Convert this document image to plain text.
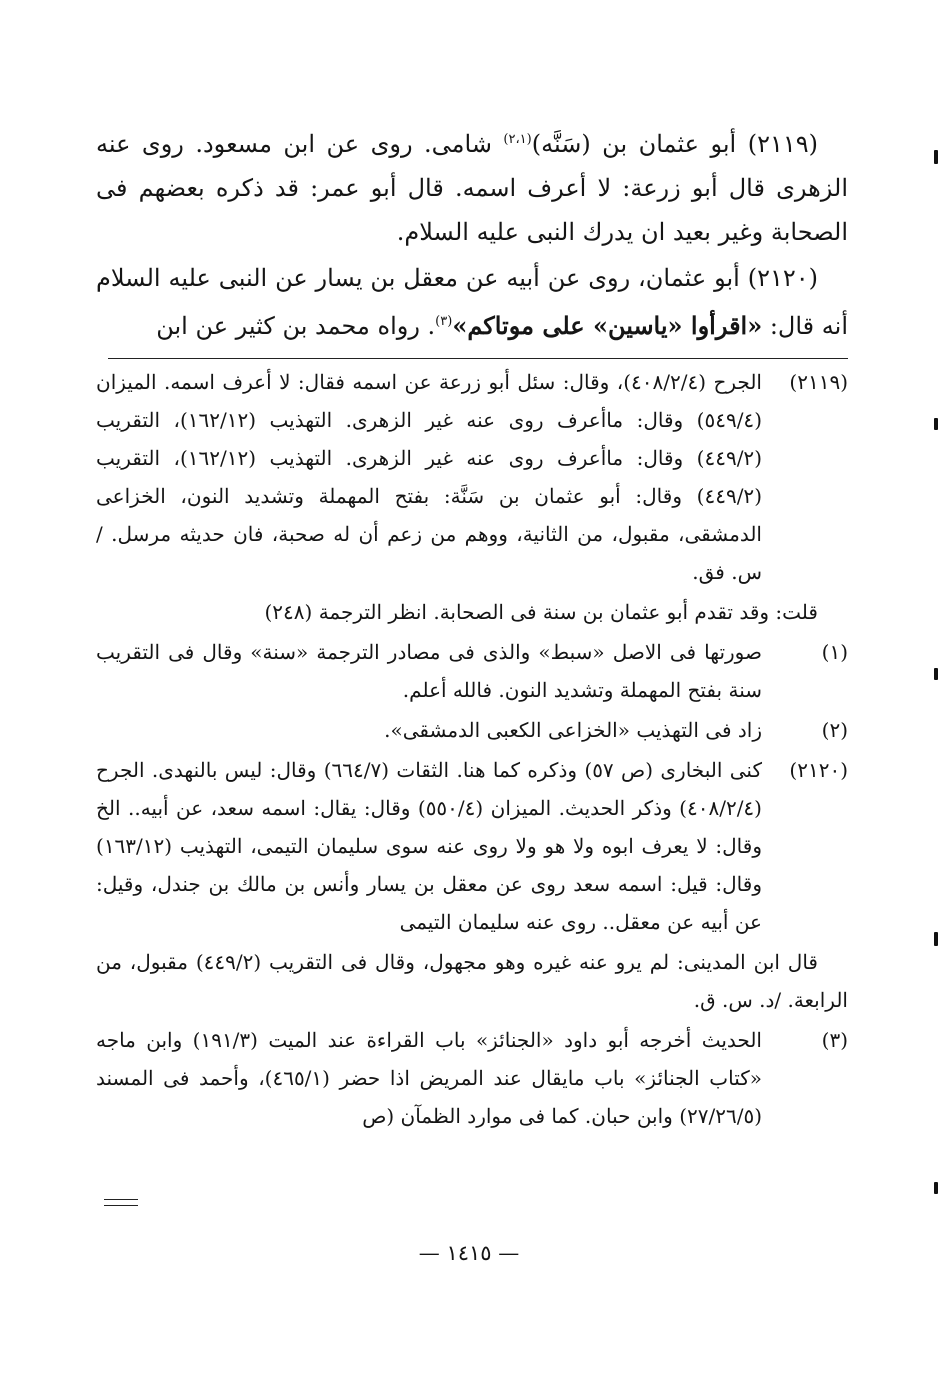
(٢١١٩) أبو عثمان بن (سَنَّه)$^{(٢،١)}$ شامى. روى عن ابن مسعود. روى عنه الزهرى قال أبو زرعة: لا أعرف اسمه. قال أبو عمر: قد ذكره بعضهم فى الصحابة وغير بعيد ان يدرك النبى عليه السلام.

(٢١٢٠) أبو عثمان، روى عن أبيه عن معقل بن يسار عن النبى عليه السلام أنه قال: «اقرأوا «ياسين» على موتاكم»$^{(٣)}$. رواه محمد بن كثير عن ابن

(٢١١٩)

الجرح (٤٠٨/٢/٤)، وقال: سئل أبو زرعة عن اسمه فقال: لا أعرف اسمه. الميزان (٥٤٩/٤) وقال: ماأعرف روى عنه غير الزهرى. التهذيب (١٦٢/١٢)، التقريب (٤٤٩/٢) وقال: ماأعرف روى عنه غير الزهرى. التهذيب (١٦٢/١٢)، التقريب (٤٤٩/٢) وقال: أبو عثمان بن سَنَّة: بفتح المهملة وتشديد النون، الخزاعى الدمشقى، مقبول، من الثانية، ووهم من زعم أن له صحبة، فان حديثه مرسل. /س. فق.

قلت: وقد تقدم أبو عثمان بن سنة فى الصحابة. انظر الترجمة (٢٤٨)

(١)

صورتها فى الاصل «سبط» والذى فى مصادر الترجمة «سنة» وقال فى التقريب سنة بفتح المهملة وتشديد النون. فالله أعلم.

(٢)

زاد فى التهذيب «الخزاعى الكعبى الدمشقى».

(٢١٢٠)

كنى البخارى (ص ٥٧) وذكره كما هنا. الثقات (٦٦٤/٧) وقال: ليس بالنهدى. الجرح (٤٠٨/٢/٤) وذكر الحديث. الميزان (٥٥٠/٤) وقال: يقال: اسمه سعد، عن أبيه.. الخ وقال: لا يعرف ابوه ولا هو ولا روى عنه سوى سليمان التيمى، التهذيب (١٦٣/١٢) وقال: قيل: اسمه سعد روى عن معقل بن يسار وأنس بن مالك بن جندل، وقيل: عن أبيه عن معقل.. روى عنه سليمان التيمى

قال ابن المدينى: لم يرو عنه غيره وهو مجهول، وقال فى التقريب (٤٤٩/٢) مقبول، من الرابعة. /د. س. ق.

(٣)

الحديث أخرجه أبو داود «الجنائز» باب القراءة عند الميت (١٩١/٣) وابن ماجه «كتاب الجنائز» باب مايقال عند المريض اذا حضر (٤٦٥/١)، وأحمد فى المسند (٢٧/٢٦/٥) وابن حبان. كما فى موارد الظمآن (ص

— ١٤١٥ —
